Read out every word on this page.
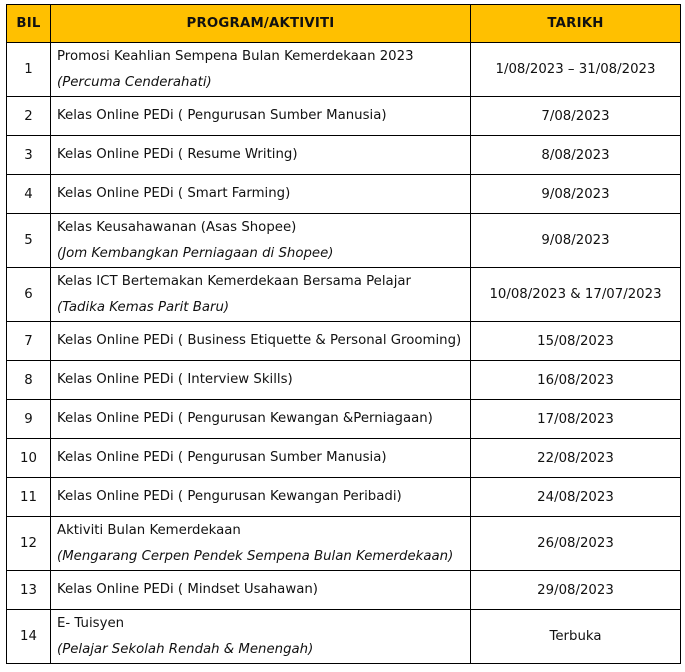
BIL	PROGRAM/AKTIVITI	TARIKH
1	Promosi Keahlian Sempena Bulan Kemerdekaan 2023
(Percuma Cenderahati)	1/08/2023 – 31/08/2023
2	Kelas Online PEDi ( Pengurusan Sumber Manusia)	7/08/2023
3	Kelas Online PEDi ( Resume Writing)	8/08/2023
4	Kelas Online PEDi ( Smart Farming)	9/08/2023
5	Kelas Keusahawanan (Asas Shopee)
(Jom Kembangkan Perniagaan di Shopee)	9/08/2023
6	Kelas ICT Bertemakan Kemerdekaan Bersama Pelajar
(Tadika Kemas Parit Baru)	10/08/2023 & 17/07/2023
7	Kelas Online PEDi ( Business Etiquette & Personal Grooming)	15/08/2023
8	Kelas Online PEDi ( Interview Skills)	16/08/2023
9	Kelas Online PEDi ( Pengurusan Kewangan &Perniagaan)	17/08/2023
10	Kelas Online PEDi ( Pengurusan Sumber Manusia)	22/08/2023
11	Kelas Online PEDi ( Pengurusan Kewangan Peribadi)	24/08/2023
12	Aktiviti Bulan Kemerdekaan
(Mengarang Cerpen Pendek Sempena Bulan Kemerdekaan)	26/08/2023
13	Kelas Online PEDi ( Mindset Usahawan)	29/08/2023
14	E- Tuisyen
(Pelajar Sekolah Rendah & Menengah)	Terbuka
